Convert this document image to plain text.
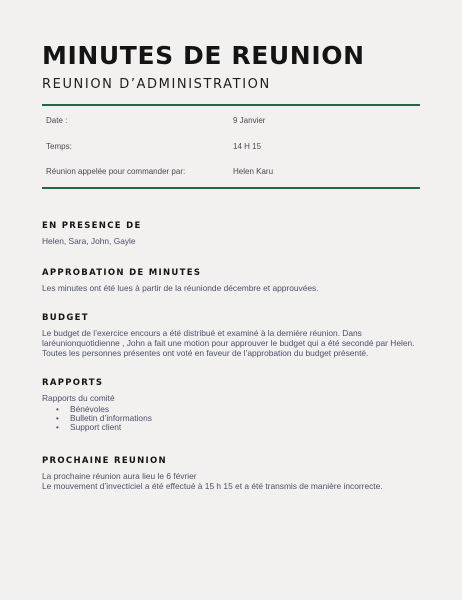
MINUTES DE REUNION
REUNION D’ADMINISTRATION
Date :	9 Janvier
Temps:	14 H 15
Réunion appelée pour commander par:	Helen Karu
EN PRESENCE DE

Helen, Sara, John, Gayle

APPROBATION DE MINUTES

Les minutes ont été lues à partir de la réunionde décembre et approuvées.

BUDGET

Le budget de l’exercice encours a été distribué et examiné à la dernière réunion. Dans laréunionquotidienne , John a fait une motion pour approuver le budget qui a été secondé par Helen. Toutes les personnes présentes ont voté en faveur de l’approbation du budget présenté.

RAPPORTS

Rapports du comité

• Bénévoles
• Bulletin d’informations
• Support client
PROCHAINE REUNION

La prochaine réunion aura lieu le 6 février

Le mouvement d’invecticiel a été effectué à 15 h 15 et a été transmis de manière incorrecte.
